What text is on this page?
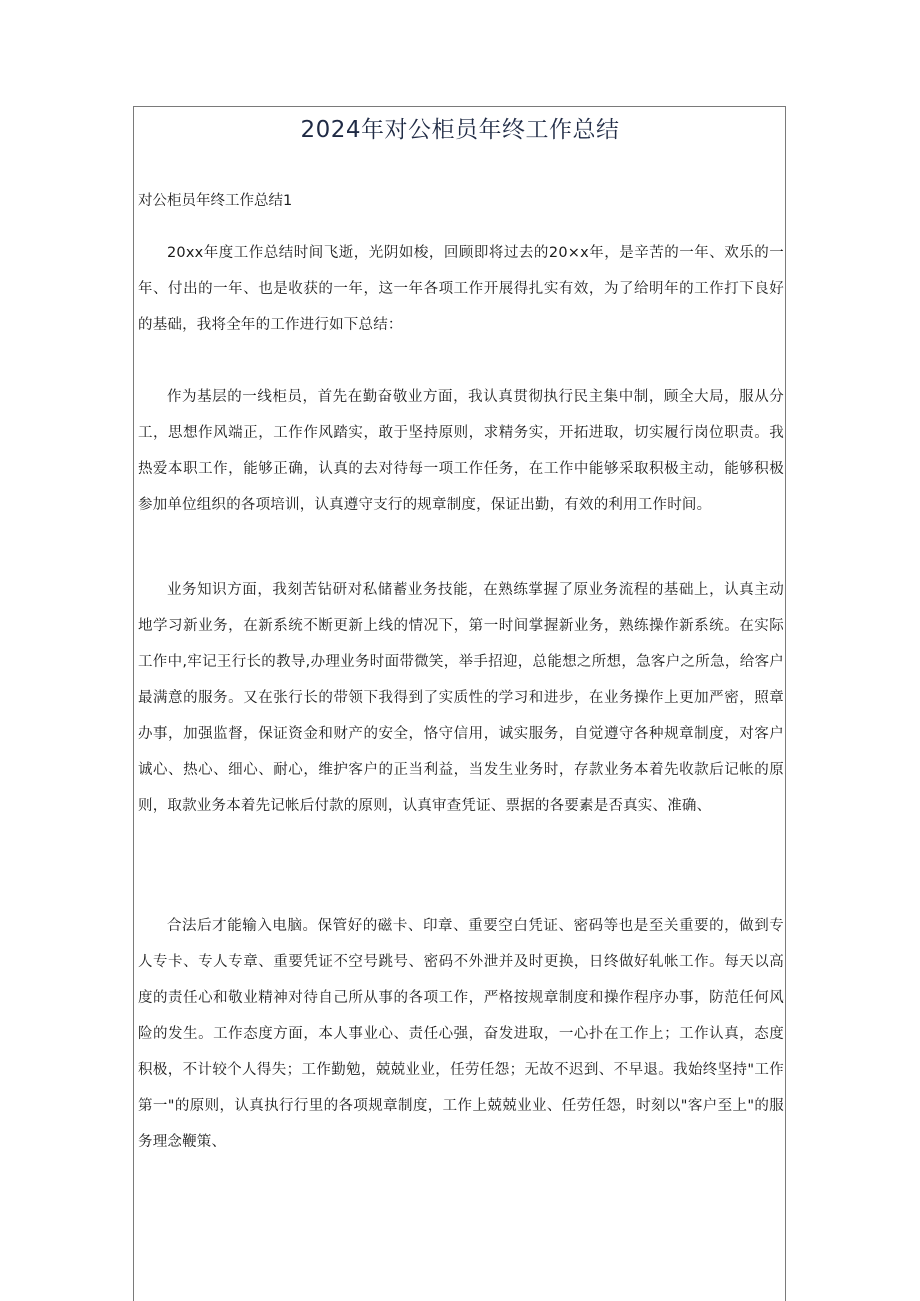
2024年对公柜员年终工作总结
对公柜员年终工作总结1

20xx年度工作总结时间飞逝，光阴如梭，回顾即将过去的20×x年，是辛苦的一年、欢乐的一年、付出的一年、也是收获的一年，这一年各项工作开展得扎实有效，为了给明年的工作打下良好的基础，我将全年的工作进行如下总结：

作为基层的一线柜员，首先在勤奋敬业方面，我认真贯彻执行民主集中制，顾全大局，服从分工，思想作风端正，工作作风踏实，敢于坚持原则，求精务实，开拓进取，切实履行岗位职责。我热爱本职工作，能够正确，认真的去对待每一项工作任务，在工作中能够采取积极主动，能够积极参加单位组织的各项培训，认真遵守支行的规章制度，保证出勤，有效的利用工作时间。

业务知识方面，我刻苦钻研对私储蓄业务技能，在熟练掌握了原业务流程的基础上，认真主动地学习新业务，在新系统不断更新上线的情况下，第一时间掌握新业务，熟练操作新系统。在实际工作中,牢记王行长的教导,办理业务时面带微笑，举手招迎，总能想之所想，急客户之所急，给客户最满意的服务。又在张行长的带领下我得到了实质性的学习和进步，在业务操作上更加严密，照章办事，加强监督，保证资金和财产的安全，恪守信用，诚实服务，自觉遵守各种规章制度，对客户诚心、热心、细心、耐心，维护客户的正当利益，当发生业务时，存款业务本着先收款后记帐的原则，取款业务本着先记帐后付款的原则，认真审查凭证、票据的各要素是否真实、准确、

合法后才能输入电脑。保管好的磁卡、印章、重要空白凭证、密码等也是至关重要的，做到专人专卡、专人专章、重要凭证不空号跳号、密码不外泄并及时更换，日终做好轧帐工作。每天以高度的责任心和敬业精神对待自己所从事的各项工作，严格按规章制度和操作程序办事，防范任何风险的发生。工作态度方面，本人事业心、责任心强，奋发进取，一心扑在工作上；工作认真，态度积极，不计较个人得失；工作勤勉，兢兢业业，任劳任怨；无故不迟到、不早退。我始终坚持"工作第一"的原则，认真执行行里的各项规章制度，工作上兢兢业业、任劳任怨，时刻以"客户至上"的服务理念鞭策、
